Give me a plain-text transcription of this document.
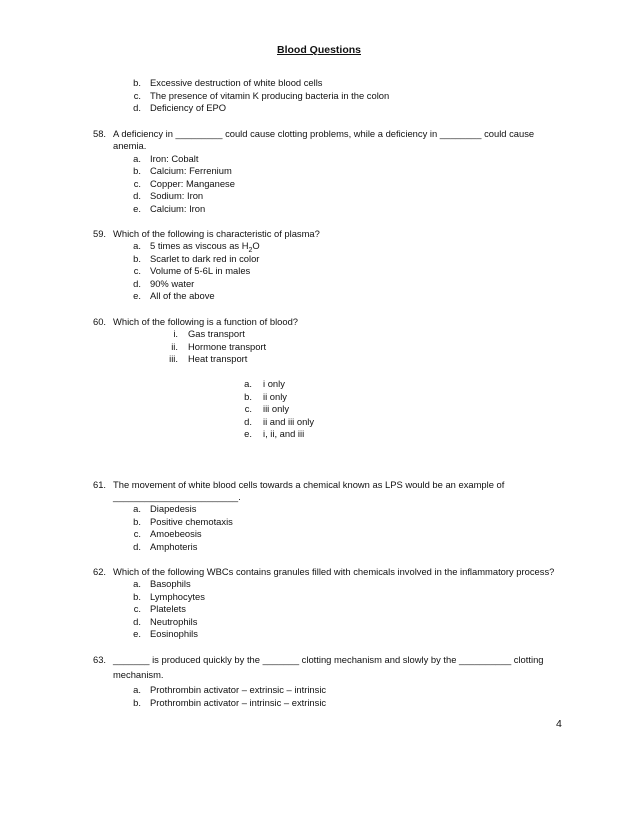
Blood Questions
b. Excessive destruction of white blood cells
c. The presence of vitamin K producing bacteria in the colon
d. Deficiency of EPO
58. A deficiency in _________ could cause clotting problems, while a deficiency in ________ could cause
anemia.
a. Iron: Cobalt
b. Calcium: Ferrenium
c. Copper: Manganese
d. Sodium: Iron
e. Calcium: Iron
59. Which of the following is characteristic of plasma?
a. 5 times as viscous as $H_2O$
b. Scarlet to dark red in color
c. Volume of 5-6L in males
d. 90% water
e. All of the above
60. Which of the following is a function of blood?
i. Gas transport
ii. Hormone transport
iii. Heat transport
a. i only
b. ii only
c. iii only
d. ii and iii only
e. i, ii, and iii
61. The movement of white blood cells towards a chemical known as LPS would be an example of
________________________.
a. Diapedesis
b. Positive chemotaxis
c. Amoebeosis
d. Amphoteris
62. Which of the following WBCs contains granules filled with chemicals involved in the inflammatory process?
a. Basophils
b. Lymphocytes
c. Platelets
d. Neutrophils
e. Eosinophils
63. _______ is produced quickly by the _______ clotting mechanism and slowly by the __________ clotting
mechanism.
a. Prothrombin activator – extrinsic – intrinsic
b. Prothrombin activator – intrinsic – extrinsic
4
